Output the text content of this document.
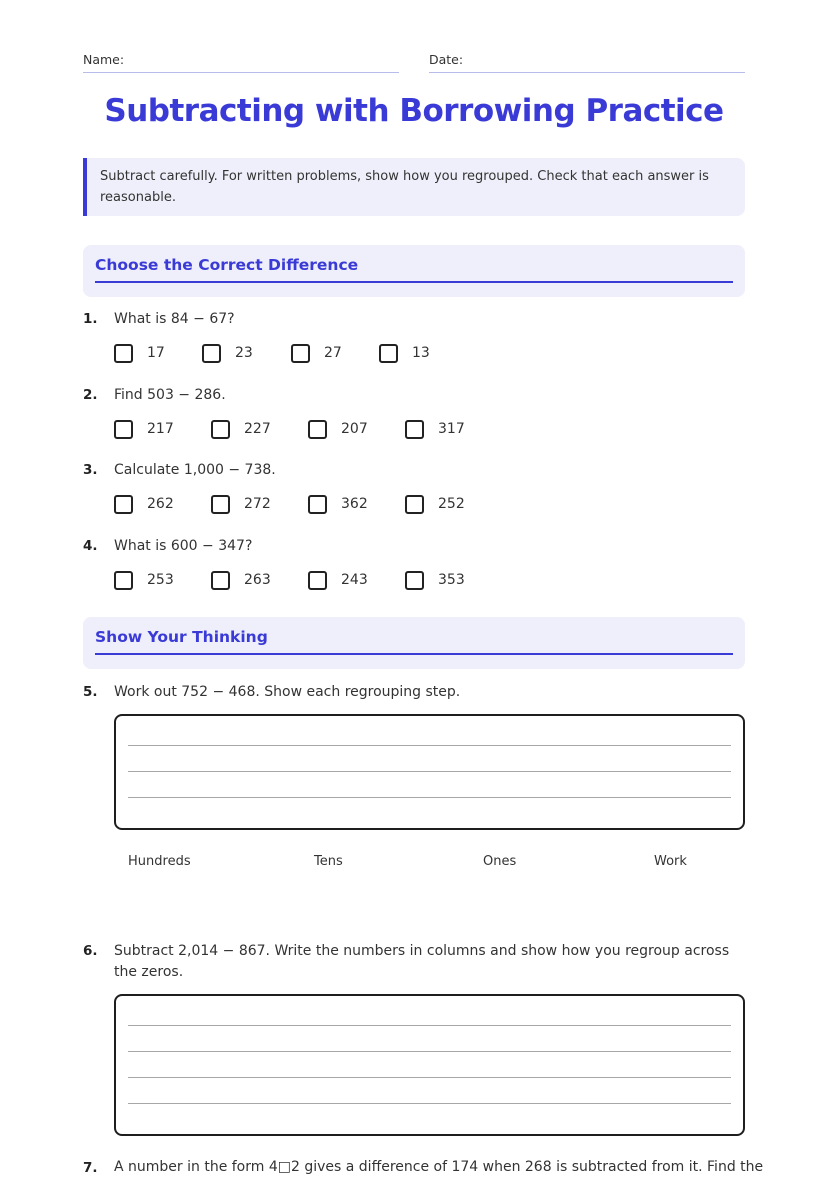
Name:	Date:
Subtracting with Borrowing Practice
Subtract carefully. For written problems, show how you regrouped. Check that each answer is reasonable.
Choose the Correct Difference
1. What is 84 − 67?
17	23	27	13
2. Find 503 − 286.
217	227	207	317
3. Calculate 1,000 − 738.
262	272	362	252
4. What is 600 − 347?
253	263	243	353
Show Your Thinking
5. Work out 752 − 468. Show each regrouping step.
Hundreds	Tens	Ones	Work
6. Subtract 2,014 − 867. Write the numbers in columns and show how you regroup across the zeros.
7. A number in the form 4□2 gives a difference of 174 when 268 is subtracted from it. Find the
